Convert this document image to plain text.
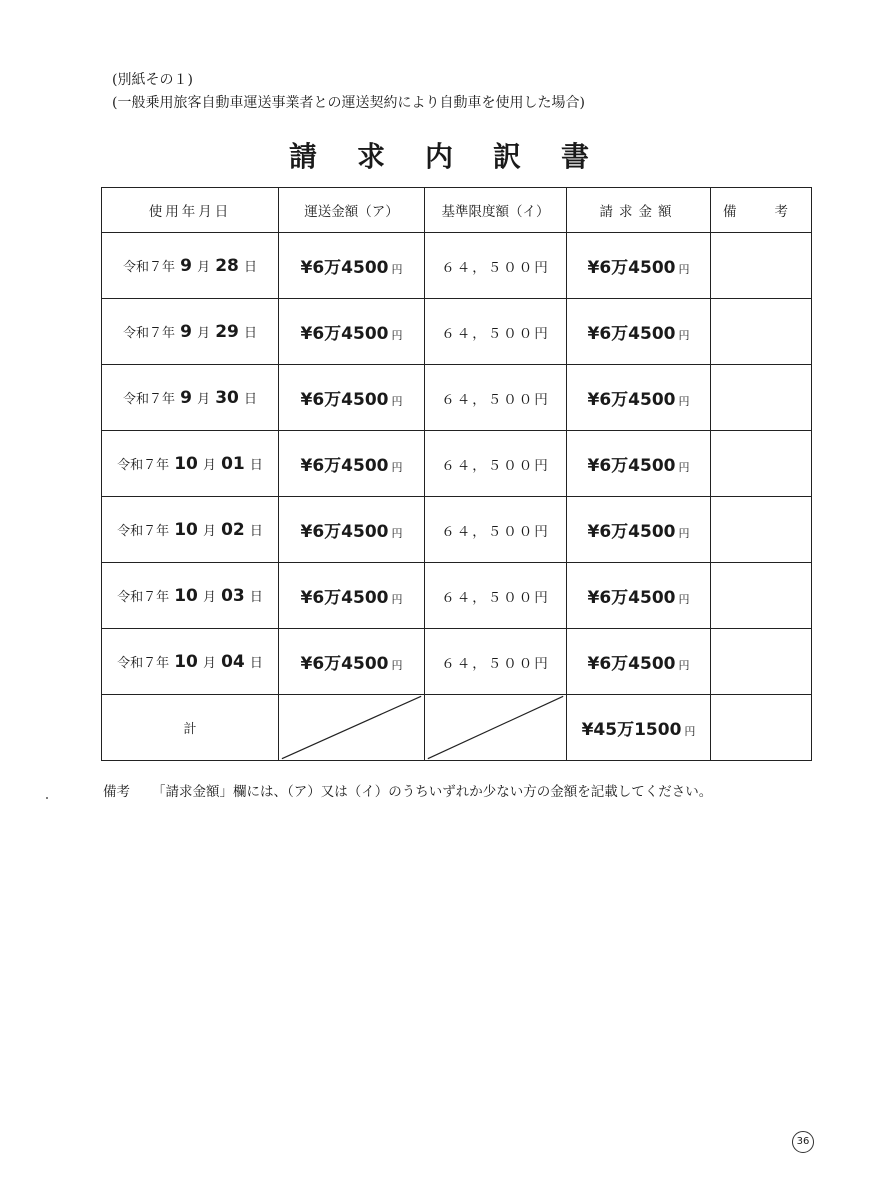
(別紙その１)
(一般乗用旅客自動車運送事業者との運送契約により自動車を使用した場合)
請求内訳書
使用年月日	運送金額（ア）	基準限度額（イ）	請求金額	備 考
令和７年 9 月 28 日	¥6万4500 円	６４，５００円	¥6万4500 円	
令和７年 9 月 29 日	¥6万4500 円	６４，５００円	¥6万4500 円	
令和７年 9 月 30 日	¥6万4500 円	６４，５００円	¥6万4500 円	
令和７年 10 月 01 日	¥6万4500 円	６４，５００円	¥6万4500 円	
令和７年 10 月 02 日	¥6万4500 円	６４，５００円	¥6万4500 円	
令和７年 10 月 03 日	¥6万4500 円	６４，５００円	¥6万4500 円	
令和７年 10 月 04 日	¥6万4500 円	６４，５００円	¥6万4500 円	
計			¥45万1500 円	
備考 「請求金額」欄には、（ア）又は（イ）のうちいずれか少ない方の金額を記載してください。
36
